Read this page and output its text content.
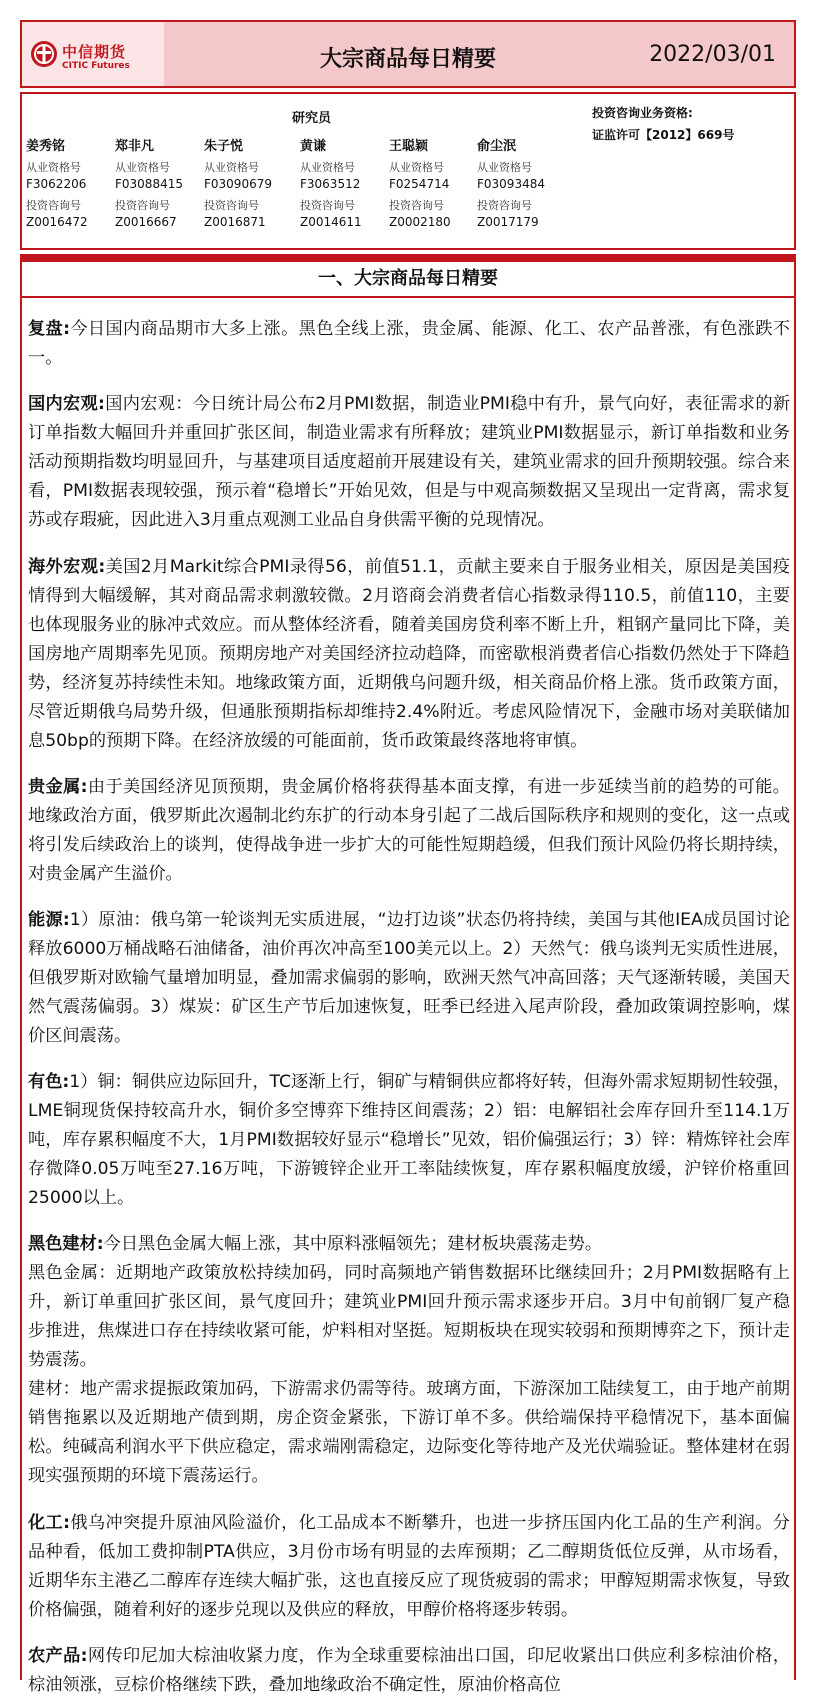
中信期货
CITIC Futures	大宗商品每日精要	2022/03/01
研究员	投资咨询业务资格:
证监许可【2012】669号
姜秀铭
从业资格号
F3062206
投资咨询号
Z0016472
郑非凡
从业资格号
F03088415
投资咨询号
Z0016667
朱子悦
从业资格号
F03090679
投资咨询号
Z0016871
黄谦
从业资格号
F3063512
投资咨询号
Z0014611
王聪颖
从业资格号
F0254714
投资咨询号
Z0002180
俞尘泯
从业资格号
F03093484
投资咨询号
Z0017179
一、大宗商品每日精要

复盘:今日国内商品期市大多上涨。黑色全线上涨，贵金属、能源、化工、农产品普涨，有色涨跌不一。

国内宏观:国内宏观：今日统计局公布2月PMI数据，制造业PMI稳中有升，景气向好，表征需求的新订单指数大幅回升并重回扩张区间，制造业需求有所释放；建筑业PMI数据显示，新订单指数和业务活动预期指数均明显回升，与基建项目适度超前开展建设有关，建筑业需求的回升预期较强。综合来看，PMI数据表现较强，预示着“稳增长”开始见效，但是与中观高频数据又呈现出一定背离，需求复苏或存瑕疵，因此进入3月重点观测工业品自身供需平衡的兑现情况。

海外宏观:美国2月Markit综合PMI录得56，前值51.1，贡献主要来自于服务业相关，原因是美国疫情得到大幅缓解，其对商品需求刺激较微。2月谘商会消费者信心指数录得110.5，前值110，主要也体现服务业的脉冲式效应。而从整体经济看，随着美国房贷利率不断上升，粗钢产量同比下降，美国房地产周期率先见顶。预期房地产对美国经济拉动趋降，而密歇根消费者信心指数仍然处于下降趋势，经济复苏持续性未知。地缘政策方面，近期俄乌问题升级，相关商品价格上涨。货币政策方面，尽管近期俄乌局势升级，但通胀预期指标却维持2.4%附近。考虑风险情况下，金融市场对美联储加息50bp的预期下降。在经济放缓的可能面前，货币政策最终落地将审慎。

贵金属:由于美国经济见顶预期，贵金属价格将获得基本面支撑，有进一步延续当前的趋势的可能。地缘政治方面，俄罗斯此次遏制北约东扩的行动本身引起了二战后国际秩序和规则的变化，这一点或将引发后续政治上的谈判，使得战争进一步扩大的可能性短期趋缓，但我们预计风险仍将长期持续，对贵金属产生溢价。

能源:1）原油：俄乌第一轮谈判无实质进展，“边打边谈”状态仍将持续，美国与其他IEA成员国讨论释放6000万桶战略石油储备，油价再次冲高至100美元以上。2）天然气：俄乌谈判无实质性进展，但俄罗斯对欧输气量增加明显，叠加需求偏弱的影响，欧洲天然气冲高回落；天气逐渐转暖，美国天然气震荡偏弱。3）煤炭：矿区生产节后加速恢复，旺季已经进入尾声阶段，叠加政策调控影响，煤价区间震荡。

有色:1）铜：铜供应边际回升，TC逐渐上行，铜矿与精铜供应都将好转，但海外需求短期韧性较强，LME铜现货保持较高升水，铜价多空博弈下维持区间震荡；2）铝：电解铝社会库存回升至114.1万吨，库存累积幅度不大，1月PMI数据较好显示“稳增长”见效，铝价偏强运行；3）锌：精炼锌社会库存微降0.05万吨至27.16万吨，下游镀锌企业开工率陆续恢复，库存累积幅度放缓，沪锌价格重回25000以上。

黑色建材:今日黑色金属大幅上涨，其中原料涨幅领先；建材板块震荡走势。
黑色金属：近期地产政策放松持续加码，同时高频地产销售数据环比继续回升；2月PMI数据略有上升，新订单重回扩张区间，景气度回升；建筑业PMI回升预示需求逐步开启。3月中旬前钢厂复产稳步推进，焦煤进口存在持续收紧可能，炉料相对坚挺。短期板块在现实较弱和预期博弈之下，预计走势震荡。
建材：地产需求提振政策加码，下游需求仍需等待。玻璃方面，下游深加工陆续复工，由于地产前期销售拖累以及近期地产债到期，房企资金紧张，下游订单不多。供给端保持平稳情况下，基本面偏松。纯碱高利润水平下供应稳定，需求端刚需稳定，边际变化等待地产及光伏端验证。整体建材在弱现实强预期的环境下震荡运行。

化工:俄乌冲突提升原油风险溢价，化工品成本不断攀升，也进一步挤压国内化工品的生产利润。分品种看，低加工费抑制PTA供应，3月份市场有明显的去库预期；乙二醇期货低位反弹，从市场看，近期华东主港乙二醇库存连续大幅扩张，这也直接反应了现货疲弱的需求；甲醇短期需求恢复，导致价格偏强，随着利好的逐步兑现以及供应的释放，甲醇价格将逐步转弱。

农产品:网传印尼加大棕油收紧力度，作为全球重要棕油出口国，印尼收紧出口供应利多棕油价格，棕油领涨，豆棕价格继续下跌，叠加地缘政治不确定性，原油价格高位
